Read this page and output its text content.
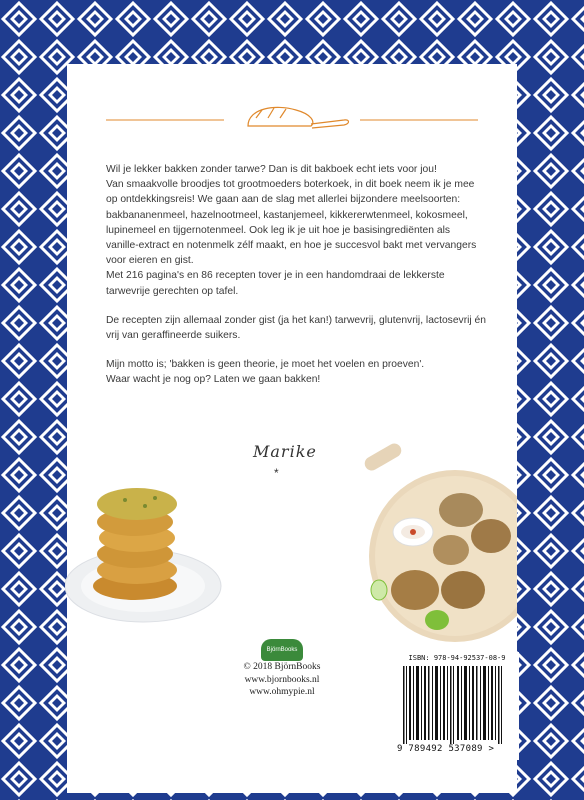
Wil je lekker bakken zonder tarwe? Dan is dit bakboek echt iets voor jou!

Van smaakvolle broodjes tot grootmoeders boterkoek, in dit boek neem ik je mee

op ontdekkingsreis! We gaan aan de slag met allerlei bijzondere meelsoorten:

bakbananenmeel, hazelnootmeel, kastanjemeel, kikkererwtenmeel, kokosmeel,

lupinemeel en tijgernotenmeel. Ook leg ik je uit hoe je basisingrediënten als

vanille-extract en notenmelk zélf maakt, en hoe je succesvol bakt met vervangers

voor eieren en gist.

Met 216 pagina's en 86 recepten tover je in een handomdraai de lekkerste

tarwevrije gerechten op tafel.

De recepten zijn allemaal zonder gist (ja het kan!) tarwevrij, glutenvrij, lactosevrij én

vrij van geraffineerde suikers.

Mijn motto is; 'bakken is geen theorie, je moet het voelen en proeven'.

Waar wacht je nog op? Laten we gaan bakken!

Marike
*
BjörnBooks
© 2018 BjörnBooks
www.bjornbooks.nl
www.ohmypie.nl
ISBN: 978-94-92537-08-9
9 789492 537089 >
